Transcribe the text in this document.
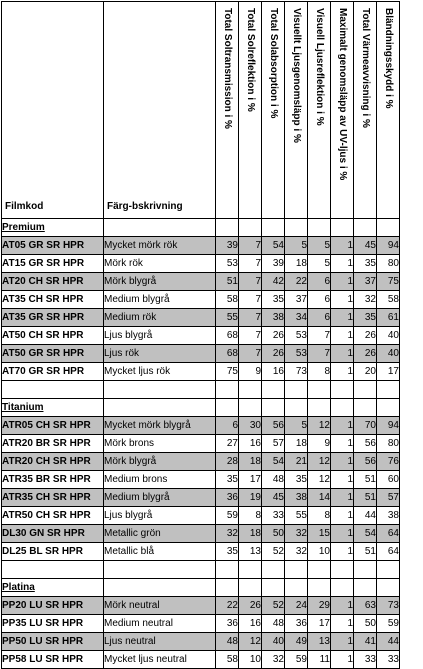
Filmkod	Färg-bskrivning	Total Soltransmission i %	Total Solreflektion i %	Total Solabsorption i %	Visuellt Ljusgenomsläpp i %	Visuell Ljusreflektion i %	Maximalt genomsläpp av UV-ljus i %	Total Värmeavvisning i %	Bländningsskydd i %

Premium									
AT05 GR SR HPR	Mycket mörk rök	39	7	54	5	5	1	45	94
AT15 GR SR HPR	Mörk rök	53	7	39	18	5	1	35	80
AT20 CH SR HPR	Mörk blygrå	51	7	42	22	6	1	37	75
AT35 CH SR HPR	Medium blygrå	58	7	35	37	6	1	32	58
AT35 GR SR HPR	Medium rök	55	7	38	34	6	1	35	61
AT50 CH SR HPR	Ljus blygrå	68	7	26	53	7	1	26	40
AT50 GR SR HPR	Ljus rök	68	7	26	53	7	1	26	40
AT70 GR SR HPR	Mycket ljus rök	75	9	16	73	8	1	20	17

Titanium									
ATR05 CH SR HPR	Mycket mörk blygrå	6	30	56	5	12	1	70	94
ATR20 BR SR HPR	Mörk brons	27	16	57	18	9	1	56	80
ATR20 CH SR HPR	Mörk blygrå	28	18	54	21	12	1	56	76
ATR35 BR SR HPR	Medium brons	35	17	48	35	12	1	51	60
ATR35 CH SR HPR	Medium blygrå	36	19	45	38	14	1	51	57
ATR50 CH SR HPR	Ljus blygrå	59	8	33	55	8	1	44	38
DL30 GN SR HPR	Metallic grön	32	18	50	32	15	1	54	64
DL25 BL SR HPR	Metallic blå	35	13	52	32	10	1	51	64

Platina									
PP20 LU SR HPR	Mörk neutral	22	26	52	24	29	1	63	73
PP35 LU SR HPR	Medium neutral	36	16	48	36	17	1	50	59
PP50 LU SR HPR	Ljus neutral	48	12	40	49	13	1	41	44
PP58 LU SR HPR	Mycket ljus neutral	58	10	32	59	11	1	33	33
